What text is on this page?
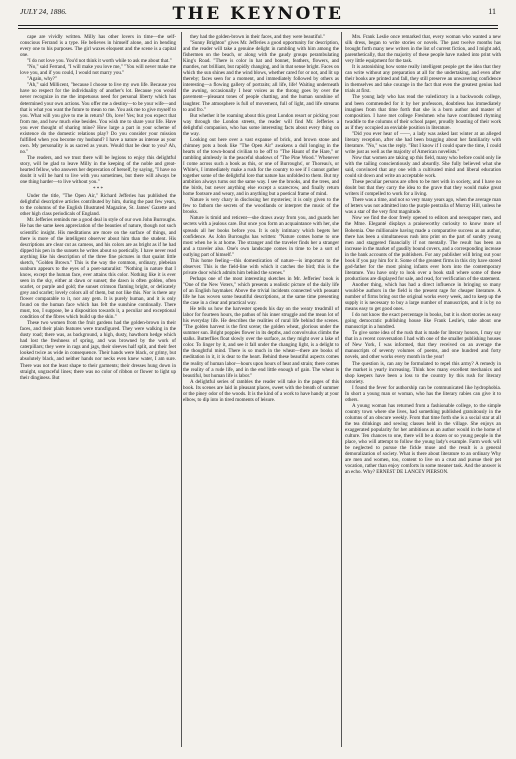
JULY 24, 1886.	THE KEYNOTE	11

cape are vividly written. Milly has other lovers in time—the self-conscious Ferrand is a type. He believes in himself alone, and in bending every one to his purposes. The girl waxes eloquent and the scene is a capital one.

"I do not love you. You'd not think it worth while to ask me about that."

"No," said Ferrand, "I will make you love me," "You will never make me love you, and if you could, I would not marry you."

"Again, why?"

"Ah," said Millicent, "because I choose to live my own life. Because you have no respect for the individuality of another's lot. Because you would never recognize in me the impetuous need for personal liberty which has determined your own actions. You offer me a destiny—to be your wife—and that is what you want the future to mean to me. You ask me to give myself to you. What will you give to me in return? Oh, love! Yes; but you expect that from me, and how much else besides. You wish me to share your life. Have you ever thought of sharing mine? How large a part in your scheme of existence do the domestic relations play? Do you consider your mission fulfilled when you become my husband? I have a nature as intense as your own. My personality is as sacred as yours. Would that be dear to you? Ah, no."

The readers, and we trust there will be legions to enjoy this delightful story, will be glad to leave Milly in the keeping of the noble and great-hearted fellow, who answers her deprecation of herself, by saying, "I have no doubt it will be hard to live with you sometimes, but there will always be one thing harder—to live without you."

* * *

Under the title, "The Open Air," Richard Jefferies has published the delightful descriptive articles contributed by him, during the past few years, to the columns of the English Illustrated Magazine, St. James' Gazette and other high class periodicals of England.

Mr. Jefferies reminds me a good deal in style of our own John Burroughs. He has the same keen appreciation of the beauties of nature, though not such scientific insight. His meditations are more on the surface of things, and there is more of the intelligent observer about him than the student. His descriptions are clear cut as cameos, and his colors are as bright as if he had dipped his pen in the sunsets he writes about so poetically. I have never read anything like his description of the three fine pictures in that quaint little sketch, "Golden Brown." This is the way the common, ordinary, plebeian sunburn appears to the eyes of a poet-naturalist: "Nothing in nature that I know, except the human face, ever attains this color. Nothing like it is ever seen in the sky, either at dawn or sunset; the dawn is often golden, often scarlet, or purple and gold; the sunset crimson flaming bright, or delicately grey and scarlet; lovely colors all of them, but not like this. Nor is there any flower comparable to it, nor any gem. It is purely human, and it is only found on the human face which has felt the sunshine continually. There must, too, I suppose, be a disposition towards it, a peculiar and exceptional condition of the fibres which build up the skin."

These two women from the fruit gardens had the golden-brown in their faces, and their plain features were transfigured. They were walking in the dusty road; there was, as background, a high, dusty, hawthorn hedge which had lost the freshness of spring, and was browned by the work of caterpillars; they were in rags and jags, their sleeves half split, and their feet looked twice as wide in consequence. Their hands were black, or grimy, but absolutely black, and neither hands nor necks even knew water, I am sure. There was not the least shape to their garments; their dresses hung down in straight, ungraceful lines; there was no color of ribbon or flower to light up their dinginess. But

they had the golden-brown in their faces, and they were beautiful."

"Sunny Brighton" gives Mr. Jefferies a good opportunity for description, and the reader will take a genuine delight in rambling with him among the fishermen on the beach, or along with the gaudy groups perambulating King's Road. "There is color in hat and bonnet, feathers, flowers, and mantles, not brilliant, but rapidly changing, and in that sense bright. Faces on which the sun shines and the wind blows, whether cared for or not, and lit up thereby; faces seen for a moment, and immediately followed by others as interesting—a flowing gallery of portraits; all life, life! Waiting underneath the awning, occasionally I hear voices as the throng goes by over the pavement—pleasant tones of people chatting, and the human sunshine of laughter. The atmosphere is full of movement, full of light, and life streams to and fro."

But whether it be roaming about this great London resort or picking your way through the London streets, the reader will find Mr. Jefferies a delightful companion, who has some interesting facts about every thing on the way.

Looking out here over a vast expanse of brick, and brown stone and chimney pots a book like "The Open Air" awakens a dull longing in the hearts of the town-bound civilian to be off to "The Haunt of the Hare," or rambling aimlessly in the peaceful shadows of "The Pine Wood." Whenever I come across such a book as this, or one of Burroughs', or Thoreau's, or White's, I immediately make a rush for the country to see if I cannot gather together some of the delightful lore that nature has unfolded to them. But my ambition always turns out the same way. I see the brooks, and the trees, and the birds, but never anything else except a scarecrow, and finally return home footsore and weary, and in anything but a poetical frame of mind.

Nature is very chary in disclosing her mysteries; it is only given to the few to fathom the secrets of the woodlands or interpret the music of the brooks.

Nature is timid and reticent—she draws away from you, and guards her secrets with a jealous care. But once you form an acquaintance with her, she spreads all her books before you. It is only intimacy which begets her confidence. As John Burroughs has written: "Nature comes home to one most when he is at home. The stranger and the traveler finds her a stranger and a traveler also. One's own landscape comes in time to be a sort of outlying part of himself."

This home feeling—this domestication of nature—is important to the observer. This is the field-line with which it catches the bird; this is the private door which admits him behind the scenes."

Perhaps one of the most interesting sketches in Mr. Jefferies' book is "One of the New Voters," which presents a realistic picture of the daily life of an English haymaker. Above the trivial incidents connected with peasant life he has woven some beautiful descriptions, at the same time presenting the case in a clear and practical way.

He tells us how the harvester spends his day on the weary treadmill of labor for fourteen hours, the pathos of his inner struggle and the mean lot of his everyday life. He describes the realities of rural life behind the scenes. "The golden harvest is the first scene; the golden wheat, glorious under the summer sun. Bright poppies flower in its depths, and convolvulus climbs the stalks. Butterflies float slowly over the surface, as they might over a lake of color. To linger by it, and see it fall under the changing light, is a delight to the thoughtful mind. There is so much in the wheat—there are books of meditation in it, it is dear to the heart. Behind these beautiful aspects comes the reality of human labor—hours upon hours of heat and strain; there comes the reality of a rude life, and in the end little enough of gain. The wheat is beautiful, but human life is labor."

A delightful series of rambles the reader will take in the pages of this book. Its scenes are laid in pleasant places, sweet with the breath of summer or the piney odor of the woods. It is the kind of a work to have handy at your elbow, to dip into in tired moments of leisure.

Mrs. Frank Leslie once remarked that, every woman who wanted a new silk dress, began to write stories or novels. The past twelve months has brought forth many new writers in the list of current fiction, and I might add, parenthetically, that the majority of these people have rushed into print with very little equipment for the task.

It is astonishing how some really intelligent people get the idea that they can write without any preparation at all for the undertaking, and even after their books are printed and fall, they still preserve an unwavering confidence in themselves and take courage in the fact that even the greatest genius had trials at first.

The young lady who has read the valedictory in a backwoods college, and been commended for it by her professors, doubtless has immediately imagines from that time forth that she is a born author and master of composition. I have met college Freshmen who have contributed rhyming twaddle to the columns of their school paper, proudly boasting of their work as if they occupied an enviable position in literature.

"Did you ever hear of ——, a lady was asked last winter at an alleged literary reception, after she had been bragging about her familiarity with literature. "No," was the reply. "But I know if I could spare the time, I could write just as well as the majority of American novelists."

Now that women are taking up this field, many who before could only lie with the tailing conscientiously and absurdly. She fully believed what she said, convinced that any one with a cultivated mind and liberal education could sit down and write an acceptable work.

These peculiar persons are often to be met with in society, and I have no doubt but that they carry the idea to the grave that they would make great writers if compelled to work for a living.

There was a time, and not so very many years ago, when the average man of letters was not admitted into the purple pentralia of Murray Hill, unless he was a star of the very first magnitude.

Now we find the door freely opened to editors and newspaper men, and the Mme. Eleganté displays a praiseworthy curiosity to know more of Bohemia. One millionaire having made a comparative success as an author, there has been a simultaneous rush into print on the part of sundry young men and staggered financially if not mentally. The result has been an increase in the market of gaudily bound covers, and a corresponding increase in the bank accounts of the publishers. For any publisher will bring out your book if you pay him for it. Some of the greatest firms in this city have stored god-father for the most pining infants ever born into the contemporary literature. You have only to look over a book stall where some of these productions are displayed for sale, and read, for verification of the statement.

Another thing, which has had a direct influence in bringing so many would-be authors in the field is the present rage for cheaper literature. A number of firms bring out the original works every week, and to keep up the supply it is necessary to buy a large number of manuscripts, and it is by no means easy to get good ones.

I do not know the exact percentage in books, but it is short stories as easy going democratic publishing house like Frank Leslie's, take about one manuscript in a hundred.

To give some idea of the rush that is made for literary honors, I may say that in a recent conversation I had with one of the smaller publishing houses of New York, I was informed, that they received on an average the manuscripts of seventy volumes of poems, and one hundred and forty novels, and other works every month in the year!

The question is, can any be formulated to repel this army? A remedy in the market is yearly increasing. Think how many excellent mechanics and shop keepers have been a loss to the country by this rush for literary notoriety.

I found the fever for authorship can be communicated like hydrophobia. In short a young man or woman, who has the literary rabies can give it to others.

A young woman has returned from a fashionable college, to the simple country town where she lives, had something published gratuitously in the columns of an obscure weekly. From that time forth she is a social star at all the tea drinkings and sewing classes held in the village. She enjoys an exaggerated popularity for her ambitions as an author would in the home of culture. Ten chances to one, there will be a dozen or so young people in the place, who will attempt to follow the young lady's example. Farm work will be neglected to pursue the fickle muse and the result is a general demoralization of society. What is there about literature to an ordinary Why are men and women, too, content to live on a crust and pursue their pet vocation, rather than enjoy comforts in some meaner task. And the answer is an echo. Why? ERNEST DE LANCEY PIERSON.
